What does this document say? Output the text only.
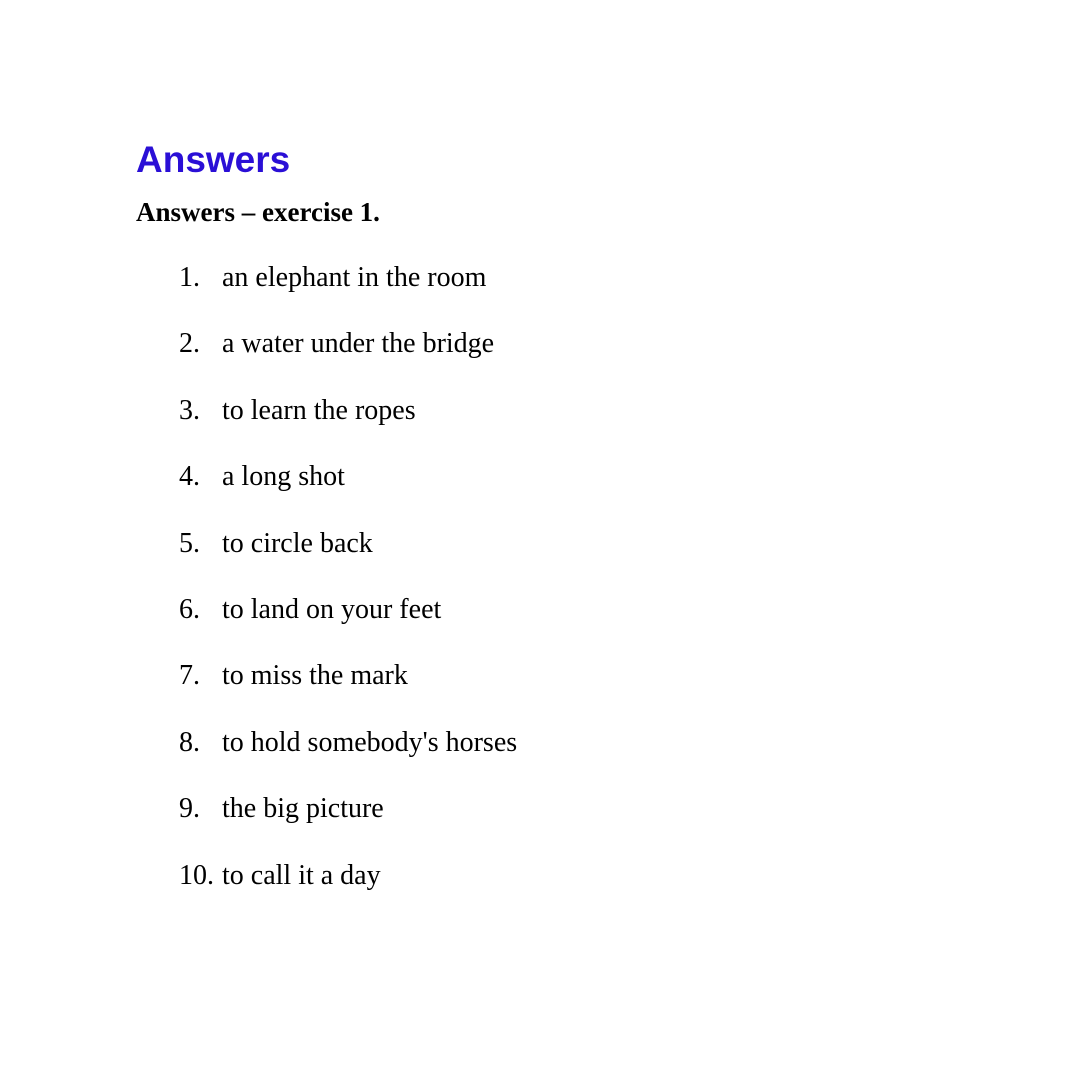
Answers
Answers – exercise 1.
1. an elephant in the room
2. a water under the bridge
3. to learn the ropes
4. a long shot
5. to circle back
6. to land on your feet
7. to miss the mark
8. to hold somebody's horses
9. the big picture
10. to call it a day
